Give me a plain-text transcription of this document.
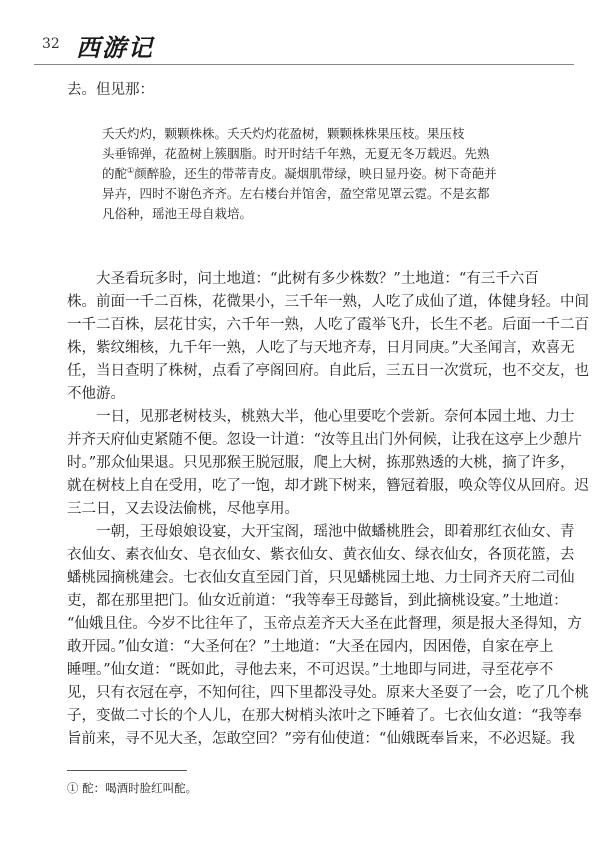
32 西游记
去。但见那：
夭夭灼灼，颗颗株株。夭夭灼灼花盈树，颗颗株株果压枝。果压枝
头垂锦弹，花盈树上簇胭脂。时开时结千年熟，无夏无冬万载迟。先熟
的酡①颜醉脸，还生的带蒂青皮。凝烟肌带绿，映日显丹姿。树下奇葩并
异卉，四时不谢色齐齐。左右楼台并馆舍，盈空常见罩云霓。不是玄都
凡俗种，瑶池王母自栽培。
　　大圣看玩多时，问土地道：“此树有多少株数？”土地道：“有三千六百
株。前面一千二百株，花微果小，三千年一熟，人吃了成仙了道，体健身轻。中间
一千二百株，层花甘实，六千年一熟，人吃了霞举飞升，长生不老。后面一千二百
株，紫纹缃核，九千年一熟，人吃了与天地齐寿，日月同庚。”大圣闻言，欢喜无
任，当日查明了株树，点看了亭阁回府。自此后，三五日一次赏玩，也不交友，也
不他游。
　　一日，见那老树枝头，桃熟大半，他心里要吃个尝新。奈何本园土地、力士
并齐天府仙吏紧随不便。忽设一计道：“汝等且出门外伺候，让我在这亭上少憩片
时。”那众仙果退。只见那猴王脱冠服，爬上大树，拣那熟透的大桃，摘了许多，
就在树枝上自在受用，吃了一饱，却才跳下树来，簪冠着服，唤众等仪从回府。迟
三二日，又去设法偷桃，尽他享用。
　　一朝，王母娘娘设宴，大开宝阁，瑶池中做蟠桃胜会，即着那红衣仙女、青
衣仙女、素衣仙女、皂衣仙女、紫衣仙女、黄衣仙女、绿衣仙女，各顶花篮，去
蟠桃园摘桃建会。七衣仙女直至园门首，只见蟠桃园土地、力士同齐天府二司仙
吏，都在那里把门。仙女近前道：“我等奉王母懿旨，到此摘桃设宴。”土地道：
“仙娥且住。今岁不比往年了，玉帝点差齐天大圣在此督理，须是报大圣得知，方
敢开园。”仙女道：“大圣何在？”土地道：“大圣在园内，因困倦，自家在亭上
睡哩。”仙女道：“既如此，寻他去来，不可迟误。”土地即与同进，寻至花亭不
见，只有衣冠在亭，不知何往，四下里都没寻处。原来大圣耍了一会，吃了几个桃
子，变做二寸长的个人儿，在那大树梢头浓叶之下睡着了。七衣仙女道：“我等奉
旨前来，寻不见大圣，怎敢空回？”旁有仙使道：“仙娥既奉旨来，不必迟疑。我
① 酡：喝酒时脸红叫酡。
